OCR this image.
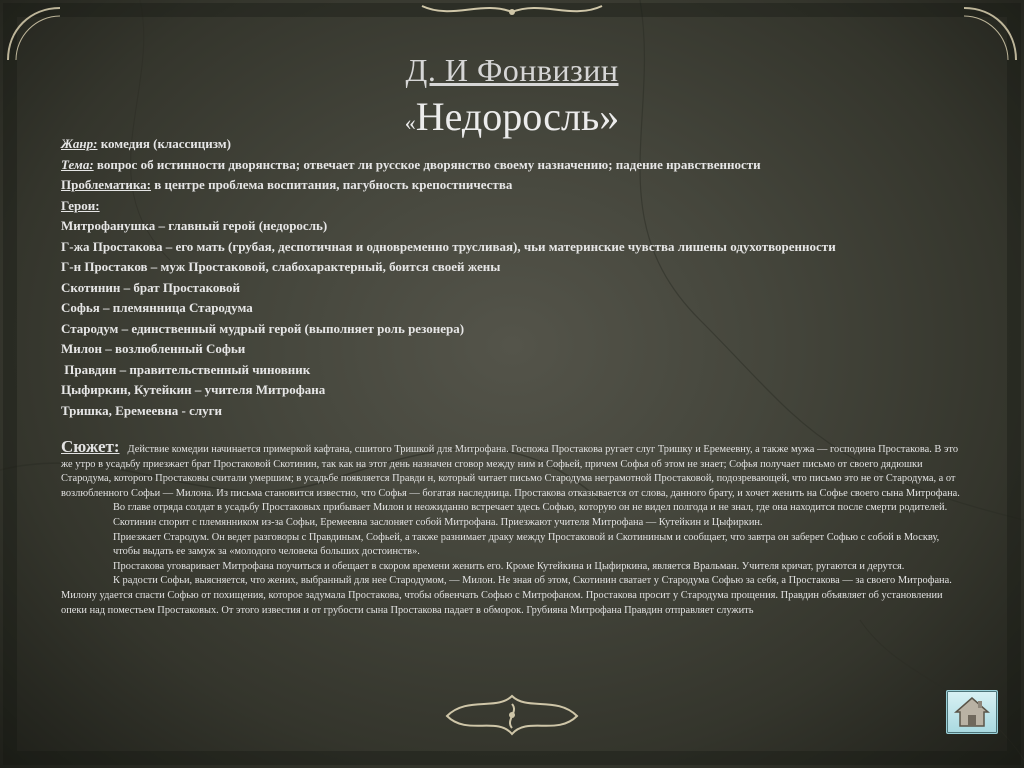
Д. И Фонвизин
«Недоросль»
Жанр: комедия (классицизм)
Тема: вопрос об истинности дворянства; отвечает ли русское дворянство своему назначению; падение нравственности
Проблематика: в центре проблема воспитания, пагубность крепостничества
Герои:
Митрофанушка – главный герой (недоросль)
Г-жа Простакова – его мать (грубая, деспотичная и одновременно трусливая), чьи материнские чувства лишены одухотворенности
Г-н Простаков – муж Простаковой, слабохарактерный, боится своей жены
Скотинин – брат Простаковой
Софья – племянница Стародума
Стародум – единственный мудрый герой (выполняет роль резонера)
Милон – возлюбленный Софьи
Правдин – правительственный чиновник
Цыфиркин, Кутейкин – учителя Митрофана
Тришка, Еремеевна - слуги

Сюжет: Действие комедии начинается примеркой кафтана, сшитого Тришкой для Митрофана. Госпожа Простакова ругает слуг Тришку и Еремеевну, а также мужа — господина Простакова. В это же утро в усадьбу приезжает брат Простаковой Скотинин, так как на этот день назначен сговор между ним и Софьей, причем Софья об этом не знает; Софья получает письмо от своего дядюшки Стародума, которого Простаковы считали умершим; в усадьбе появляется Правди н, который читает письмо Стародума неграмотной Простаковой, подозревающей, что письмо это не от Стародума, а от возлюбленного Софьи — Милона. Из письма становится известно, что Софья — богатая наследница. Простакова отказывается от слова, данного брату, и хочет женить на Софье своего сына Митрофана.

Во главе отряда солдат в усадьбу Простаковых прибывает Милон и неожиданно встречает здесь Софью, которую он не видел полгода и не знал, где она находится после смерти родителей.

Скотинин спорит с племянником из-за Софьи, Еремеевна заслоняет собой Митрофана. Приезжают учителя Митрофана — Кутейкин и Цыфиркин.

Приезжает Стародум. Он ведет разговоры с Правдиным, Софьей, а также разнимает драку между Простаковой и Скотининым и сообщает, что завтра он заберет Софью с собой в Москву, чтобы выдать ее замуж за «молодого человека больших достоинств».

Простакова уговаривает Митрофана поучиться и обещает в скором времени женить его. Кроме Кутейкина и Цыфиркина, является Вральман. Учителя кричат, ругаются и дерутся.

К радости Софьи, выясняется, что жених, выбранный для нее Стародумом, — Милон. Не зная об этом, Скотинин сватает у Стародума Софью за себя, а Простакова — за своего Митрофана.

Милону удается спасти Софью от похищения, которое задумала Простакова, чтобы обвенчать Софью с Митрофаном. Простакова просит у Стародума прощения. Правдин объявляет об установлении опеки над поместьем Простаковых. От этого известия и от грубости сына Простакова падает в обморок. Грубияна Митрофана Правдин отправляет служить
